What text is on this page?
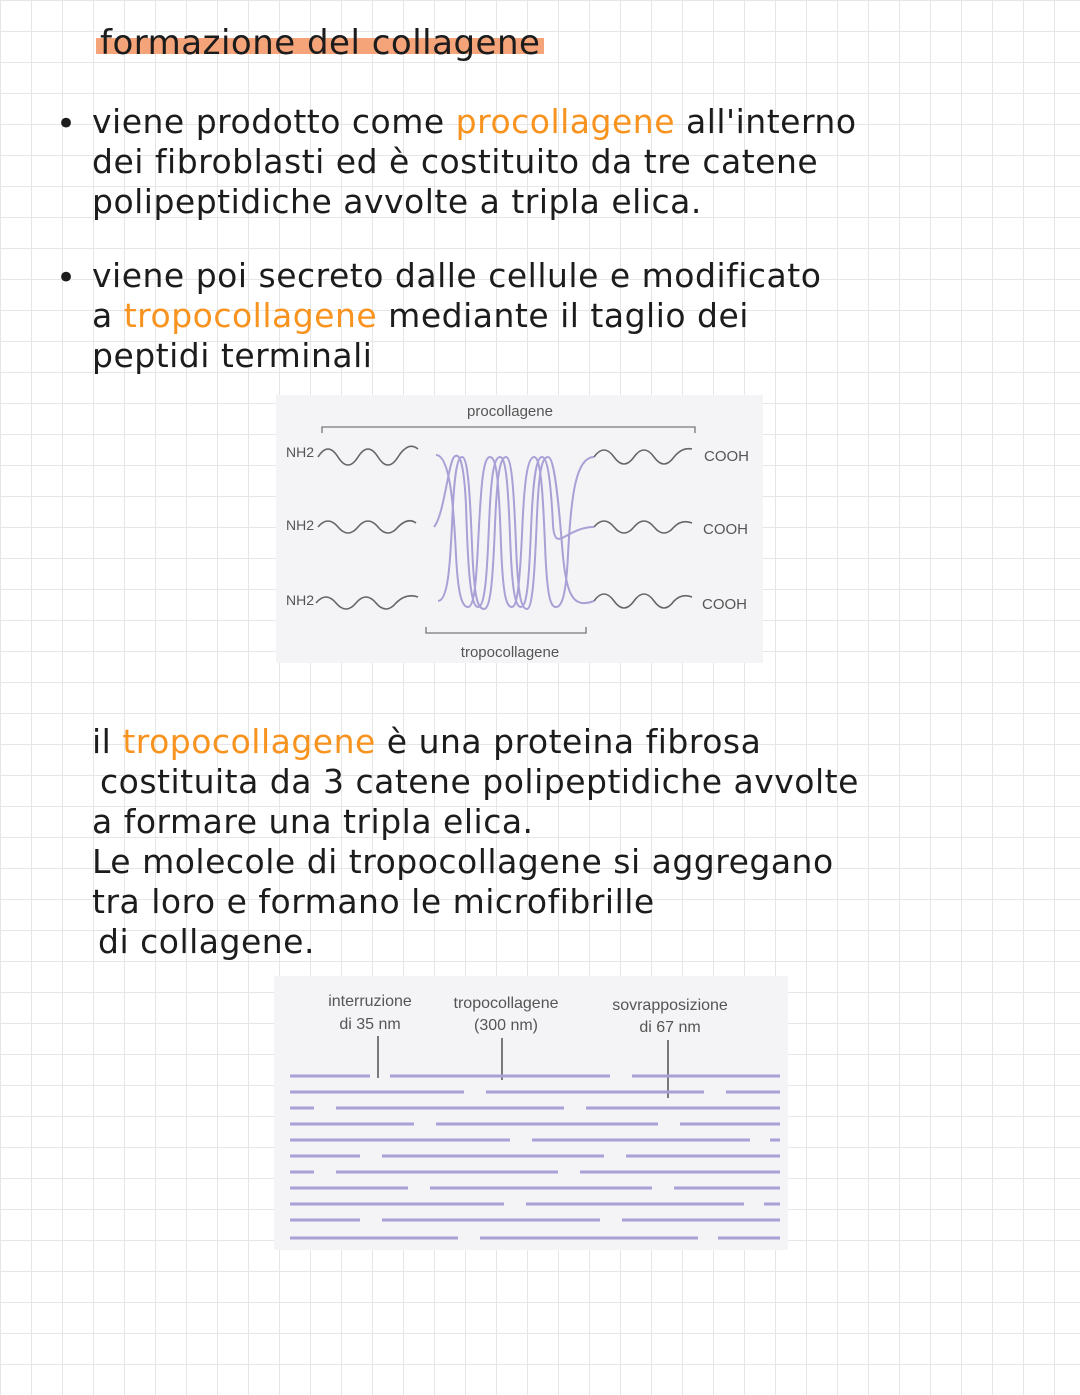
formazione del collagene
• viene prodotto come procollagene all'interno
dei fibroblasti ed è costituito da tre catene
polipeptidiche avvolte a tripla elica.
• viene poi secreto dalle cellule e modificato
a tropocollagene mediante il taglio dei
peptidi terminali
procollagene
NH2
NH2
NH2
COOH
COOH
COOH
tropocollagene
il tropocollagene è una proteina fibrosa
costituita da 3 catene polipeptidiche avvolte
a formare una tripla elica.
Le molecole di tropocollagene si aggregano
tra loro e formano le microfibrille
di collagene.
interruzione
di 35 nm
tropocollagene
(300 nm)
sovrapposizione
di 67 nm
